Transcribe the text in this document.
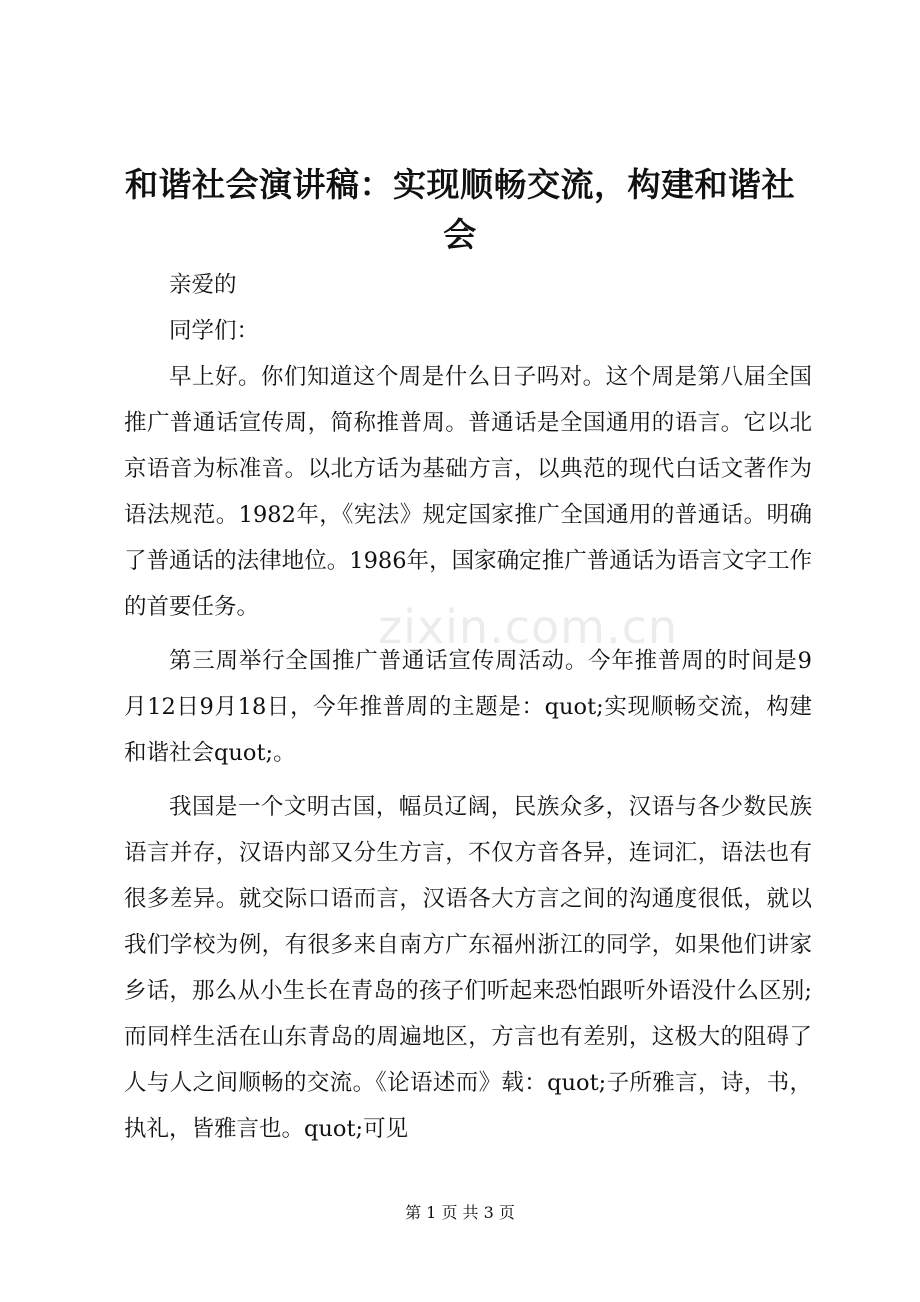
和谐社会演讲稿：实现顺畅交流，构建和谐社会

亲爱的

同学们：

早上好。你们知道这个周是什么日子吗对。这个周是第八届全国推广普通话宣传周，简称推普周。普通话是全国通用的语言。它以北京语音为标准音。以北方话为基础方言，以典范的现代白话文著作为语法规范。1982年，《宪法》规定国家推广全国通用的普通话。明确了普通话的法律地位。1986年，国家确定推广普通话为语言文字工作的首要任务。

第三周举行全国推广普通话宣传周活动。今年推普周的时间是9月12日9月18日，今年推普周的主题是：quot;实现顺畅交流，构建和谐社会quot;。

我国是一个文明古国，幅员辽阔，民族众多，汉语与各少数民族语言并存，汉语内部又分生方言，不仅方音各异，连词汇，语法也有很多差异。就交际口语而言，汉语各大方言之间的沟通度很低，就以我们学校为例，有很多来自南方广东福州浙江的同学，如果他们讲家乡话，那么从小生长在青岛的孩子们听起来恐怕跟听外语没什么区别;而同样生活在山东青岛的周遍地区，方言也有差别，这极大的阻碍了人与人之间顺畅的交流。《论语述而》载：quot;子所雅言，诗，书，执礼，皆雅言也。quot;可见

zixin.com.cn
第 1 页 共 3 页
